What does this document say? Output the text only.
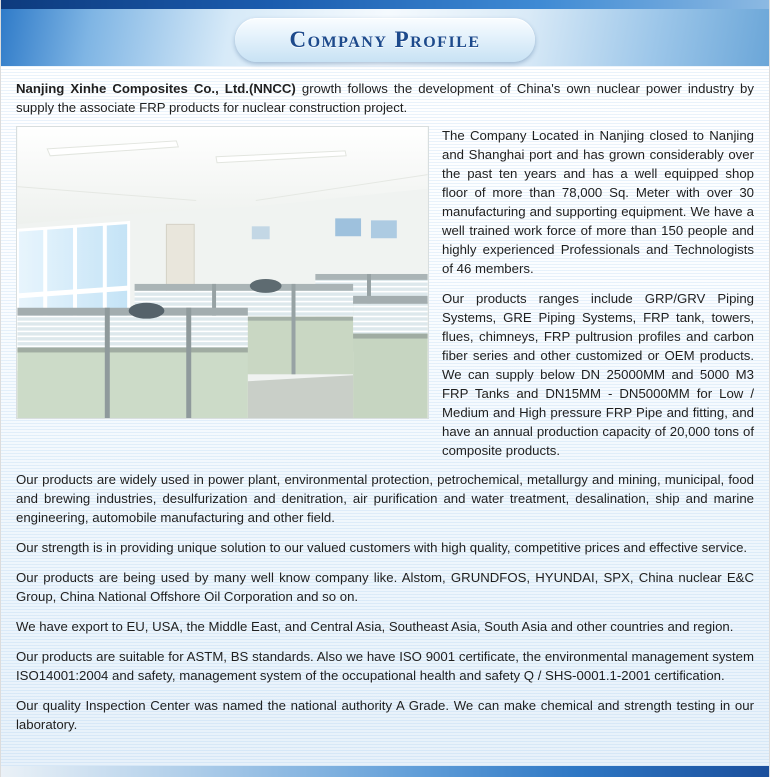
Company Profile

Nanjing Xinhe Composites Co., Ltd.(NNCC) growth follows the development of China's own nuclear power industry by supply the associate FRP products for nuclear construction project.

The Company Located in Nanjing closed to Nanjing and Shanghai port and has grown considerably over the past ten years and has a well equipped shop floor of more than 78,000 Sq. Meter with over 30 manufacturing and supporting equipment. We have a well trained work force of more than 150 people and highly experienced Professionals and Technologists of 46 members.

Our products ranges include GRP/GRV Piping Systems, GRE Piping Systems, FRP tank, towers, flues, chimneys, FRP pultrusion profiles and carbon fiber series and other customized or OEM products. We can supply below DN 25000MM and 5000 M3 FRP Tanks and DN15MM - DN5000MM for Low / Medium and High pressure FRP Pipe and fitting, and have an annual production capacity of 20,000 tons of composite products.

Our products are widely used in power plant, environmental protection, petrochemical, metallurgy and mining, municipal, food and brewing industries, desulfurization and denitration, air purification and water treatment, desalination, ship and marine engineering, automobile manufacturing and other field.

Our strength is in providing unique solution to our valued customers with high quality, competitive prices and effective service.

Our products are being used by many well know company like. Alstom, GRUNDFOS, HYUNDAI, SPX, China nuclear E&C Group, China National Offshore Oil Corporation and so on.

We have export to EU, USA, the Middle East, and Central Asia, Southeast Asia, South Asia and other countries and region.

Our products are suitable for ASTM, BS standards. Also we have ISO 9001 certificate, the environmental management system ISO14001:2004 and safety, management system of the occupational health and safety Q / SHS-0001.1-2001 certification.

Our quality Inspection Center was named the national authority A Grade. We can make chemical and strength testing in our laboratory.
